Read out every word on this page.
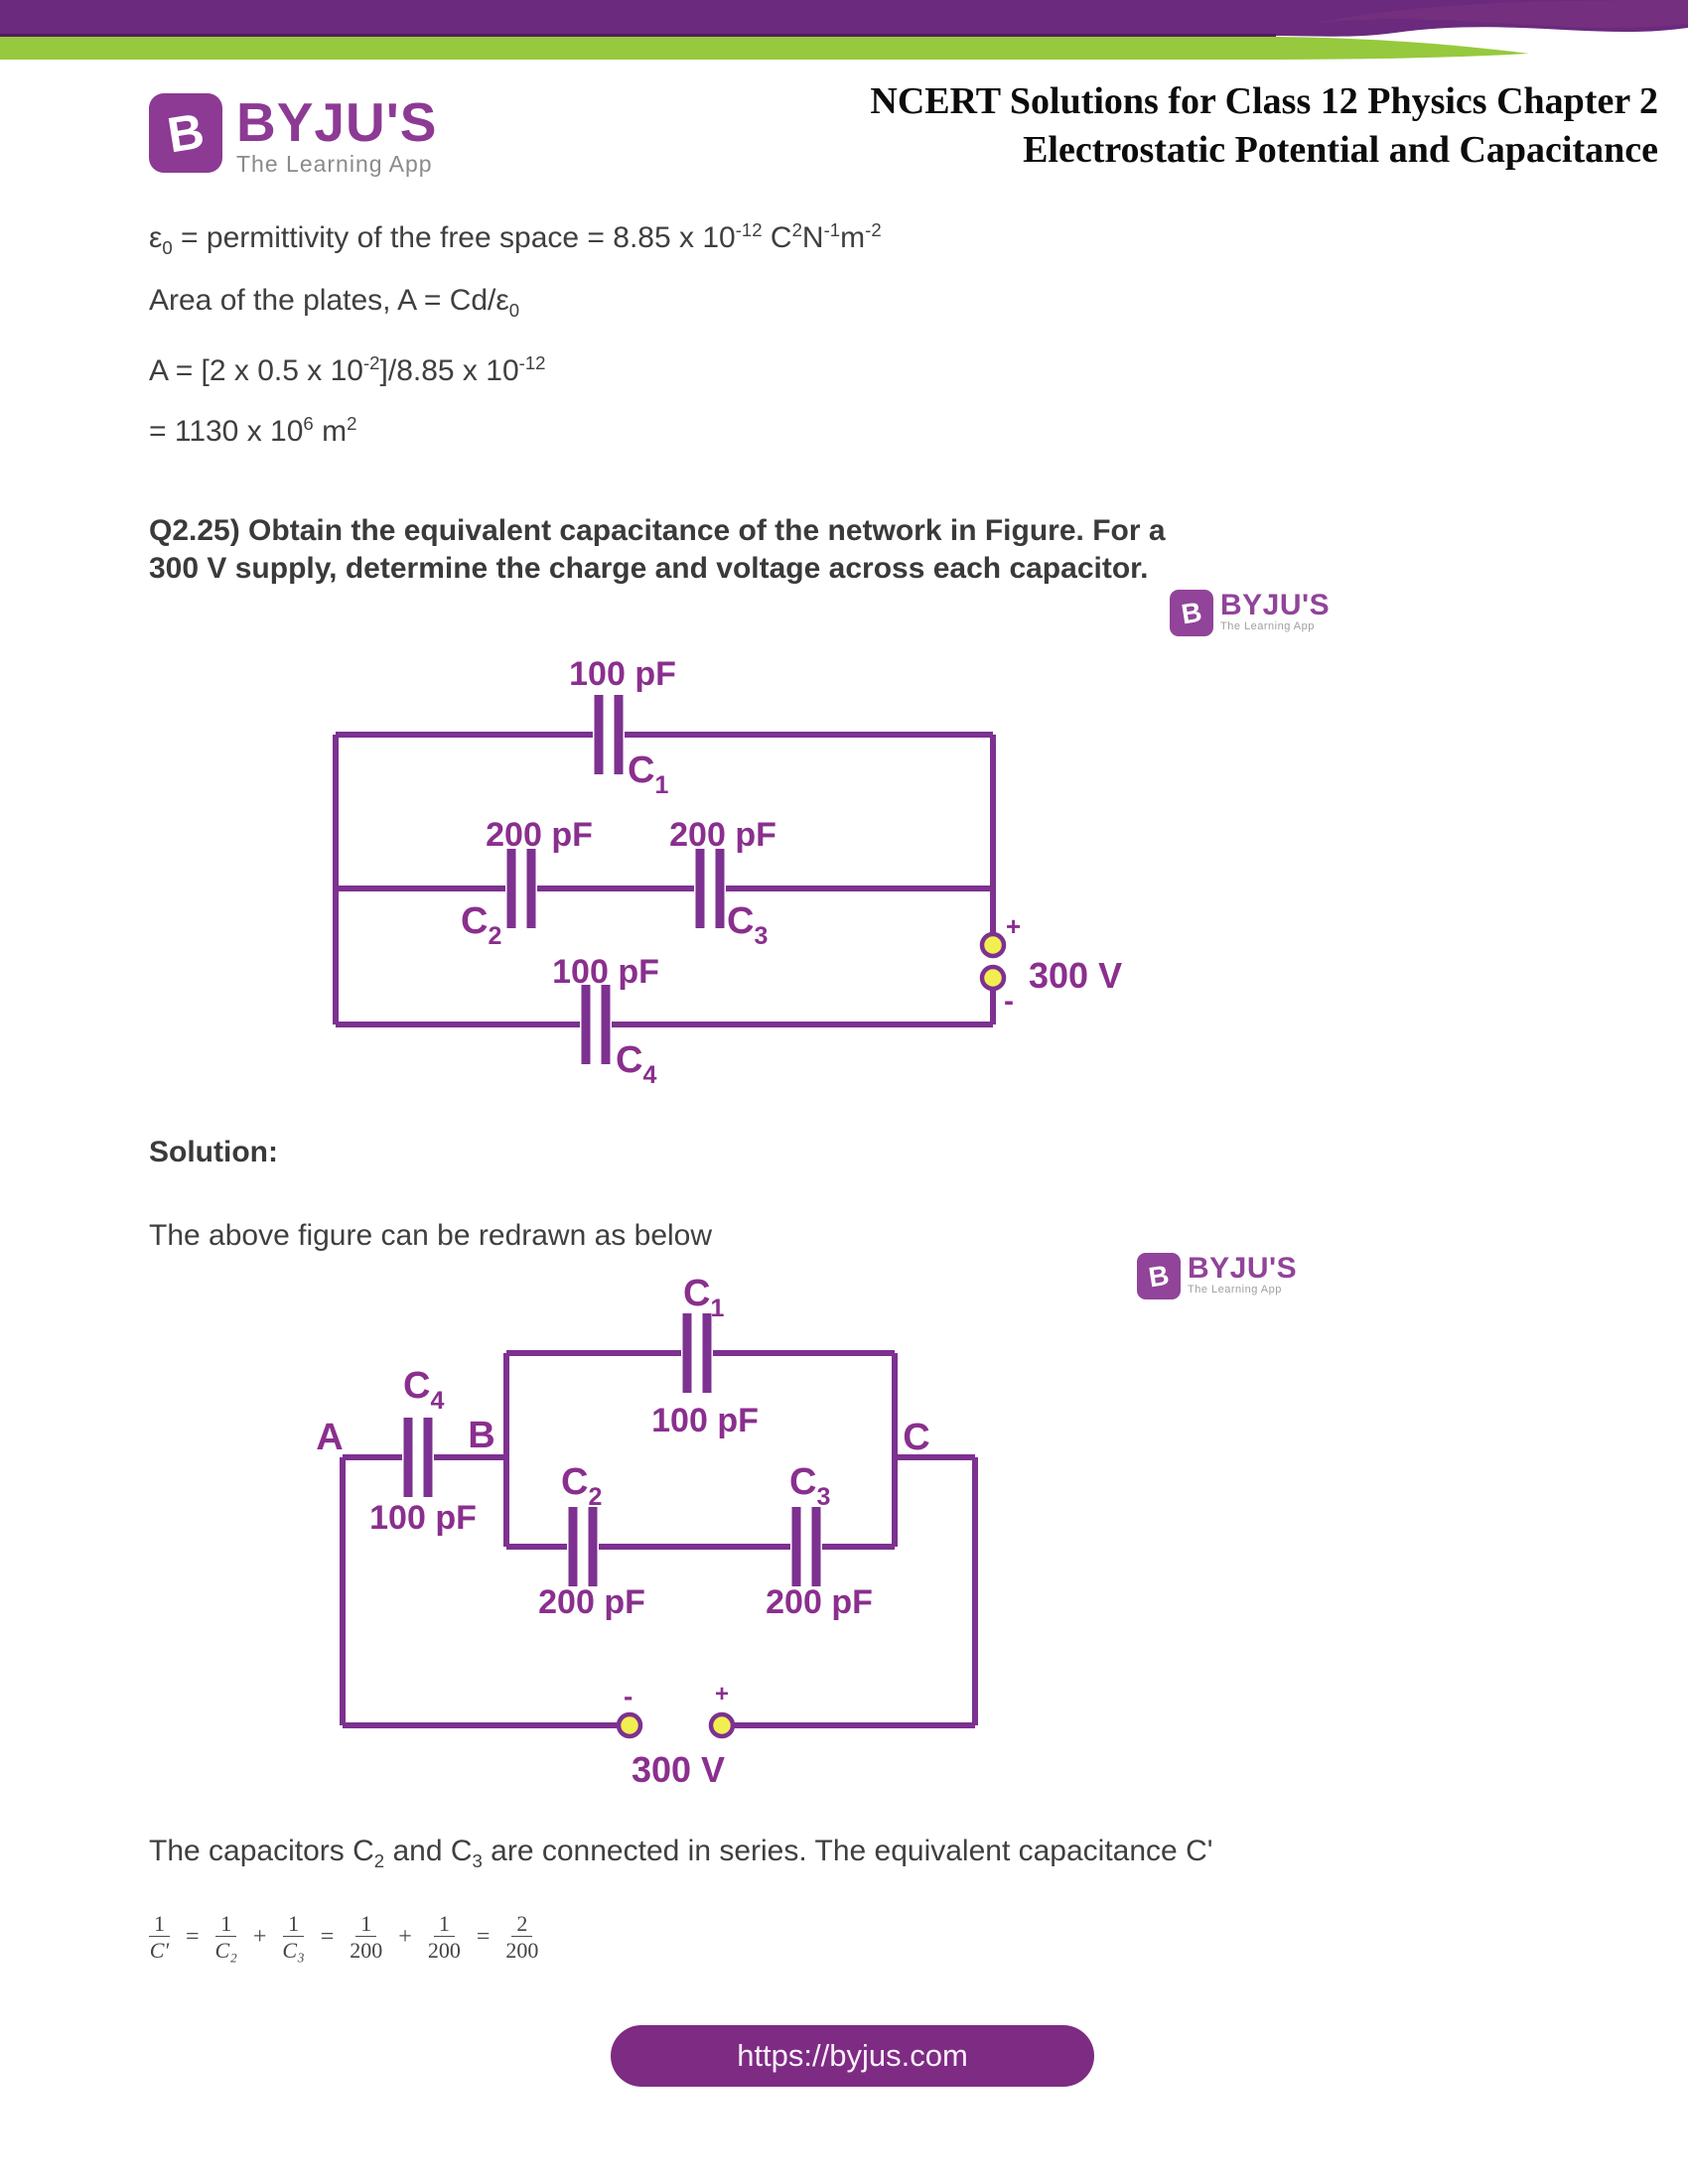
B BYJU'S
The Learning App
NCERT Solutions for Class 12 Physics Chapter 2
Electrostatic Potential and Capacitance

$\varepsilon_0$ = permittivity of the free space = 8.85 x $10^{-12}$ $C^2N^{-1}m^{-2}$

Area of the plates, $A = Cd/\varepsilon_0$

A = [2 x 0.5 x $10^{-2}]/8.85$ x $10^{-12}$

= 1130 x $10^6$ $m^2$

Q2.25) Obtain the equivalent capacitance of the network in Figure. For a 300 V supply, determine the charge and voltage across each capacitor.

100 pF
$C_1$
200 pF
$C_2$
200 pF
$C_3$
100 pF
$C_4$
+
-
300 V
B BYJU'S
The Learning App

Solution:

The above figure can be redrawn as below

$C_1$
100 pF
$C_4$
A	B	C
100 pF
$C_2$	$C_3$
200 pF	200 pF
-	+
300 V
B BYJU'S
The Learning App

The capacitors $C_2$ and $C_3$ are connected in series. The equivalent capacitance C'

$\frac{1}{C'} = \frac{1}{\text{C₂}} + \frac{1}{\text{C₃}} = \frac{1}{200} + \frac{1}{200} = \frac{2}{200}$
https://byjus.com
